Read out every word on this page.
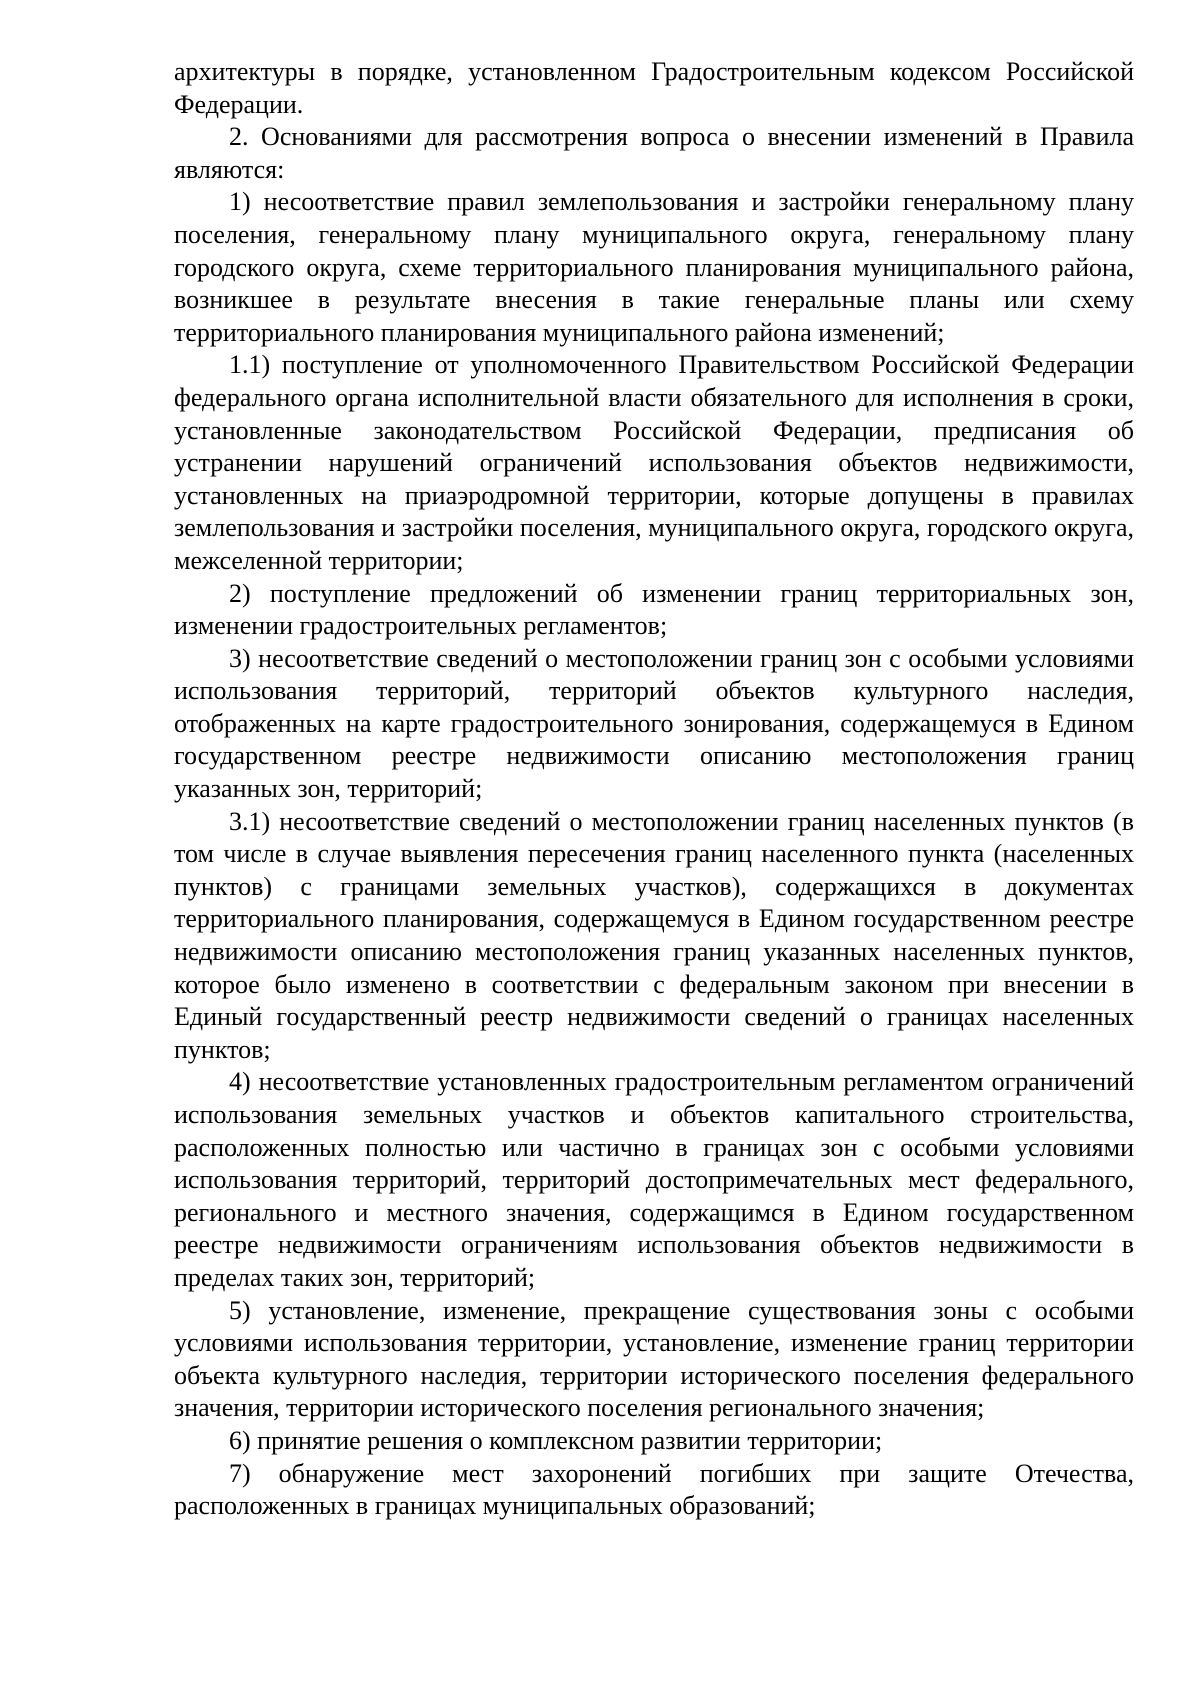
архитектуры в порядке, установленном Градостроительным кодексом Российской Федерации.

2. Основаниями для рассмотрения вопроса о внесении изменений в Правила являются:

1) несоответствие правил землепользования и застройки генеральному плану поселения, генеральному плану муниципального округа, генеральному плану городского округа, схеме территориального планирования муниципального района, возникшее в результате внесения в такие генеральные планы или схему территориального планирования муниципального района изменений;

1.1) поступление от уполномоченного Правительством Российской Федерации федерального органа исполнительной власти обязательного для исполнения в сроки, установленные законодательством Российской Федерации, предписания об устранении нарушений ограничений использования объектов недвижимости, установленных на приаэродромной территории, которые допущены в правилах землепользования и застройки поселения, муниципального округа, городского округа, межселенной территории;

2) поступление предложений об изменении границ территориальных зон, изменении градостроительных регламентов;

3) несоответствие сведений о местоположении границ зон с особыми условиями использования территорий, территорий объектов культурного наследия, отображенных на карте градостроительного зонирования, содержащемуся в Едином государственном реестре недвижимости описанию местоположения границ указанных зон, территорий;

3.1) несоответствие сведений о местоположении границ населенных пунктов (в том числе в случае выявления пересечения границ населенного пункта (населенных пунктов) с границами земельных участков), содержащихся в документах территориального планирования, содержащемуся в Едином государственном реестре недвижимости описанию местоположения границ указанных населенных пунктов, которое было изменено в соответствии с федеральным законом при внесении в Единый государственный реестр недвижимости сведений о границах населенных пунктов;

4) несоответствие установленных градостроительным регламентом ограничений использования земельных участков и объектов капитального строительства, расположенных полностью или частично в границах зон с особыми условиями использования территорий, территорий достопримечательных мест федерального, регионального и местного значения, содержащимся в Едином государственном реестре недвижимости ограничениям использования объектов недвижимости в пределах таких зон, территорий;

5) установление, изменение, прекращение существования зоны с особыми условиями использования территории, установление, изменение границ территории объекта культурного наследия, территории исторического поселения федерального значения, территории исторического поселения регионального значения;

6) принятие решения о комплексном развитии территории;

7) обнаружение мест захоронений погибших при защите Отечества, расположенных в границах муниципальных образований;
